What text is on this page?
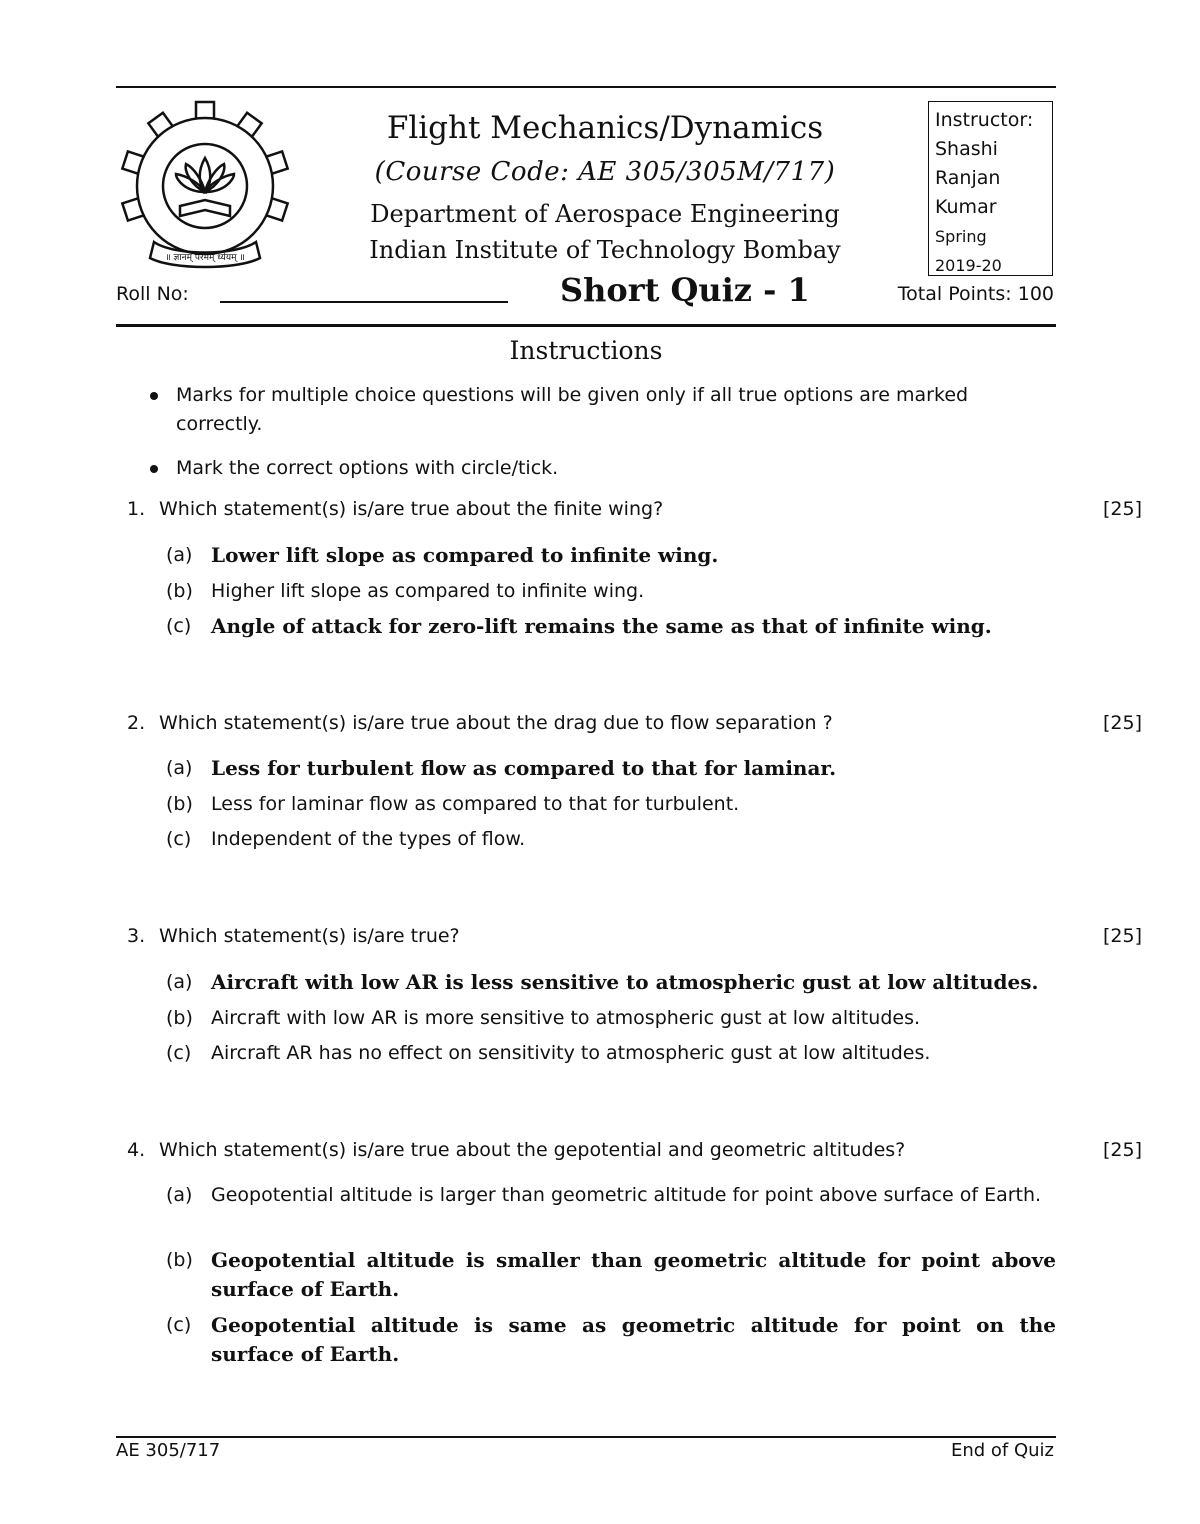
॥ ज्ञानम् परमम् ध्येयम् ॥
Flight Mechanics/Dynamics
(Course Code: AE 305/305M/717)
Department of Aerospace Engineering
Indian Institute of Technology Bombay
Instructor:
Shashi
Ranjan
Kumar
Spring
2019-20
Roll No:	Short Quiz - 1	Total Points: 100
Instructions
Marks for multiple choice questions will be given only if all true options are marked correctly.
Mark the correct options with circle/tick.
1. Which statement(s) is/are true about the finite wing?	[25]
(a) Lower lift slope as compared to infinite wing.
(b) Higher lift slope as compared to infinite wing.
(c) Angle of attack for zero-lift remains the same as that of infinite wing.
2. Which statement(s) is/are true about the drag due to flow separation ?	[25]
(a) Less for turbulent flow as compared to that for laminar.
(b) Less for laminar flow as compared to that for turbulent.
(c) Independent of the types of flow.
3. Which statement(s) is/are true?	[25]
(a) Aircraft with low AR is less sensitive to atmospheric gust at low altitudes.
(b) Aircraft with low AR is more sensitive to atmospheric gust at low altitudes.
(c) Aircraft AR has no effect on sensitivity to atmospheric gust at low altitudes.
4. Which statement(s) is/are true about the gepotential and geometric altitudes?	[25]
(a) Geopotential altitude is larger than geometric altitude for point above surface of Earth.
(b) Geopotential altitude is smaller than geometric altitude for point above surface of Earth.
(c) Geopotential altitude is same as geometric altitude for point on the surface of Earth.
AE 305/717	End of Quiz
